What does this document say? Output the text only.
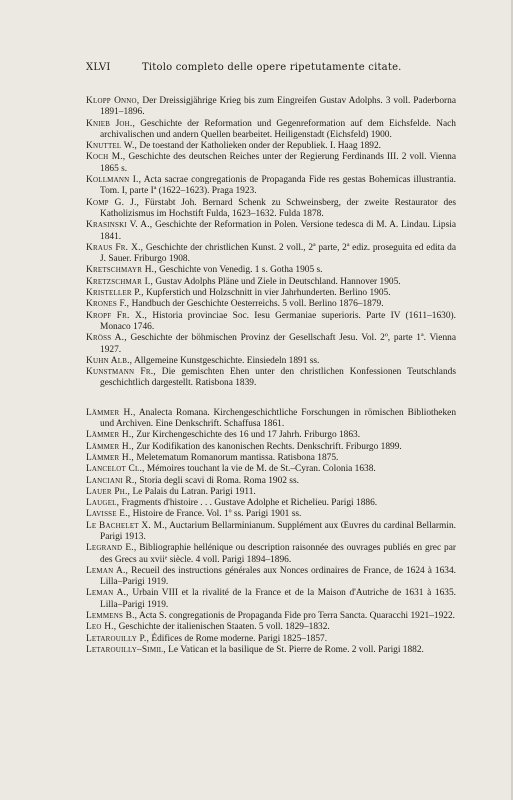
XLVI	Titolo completo delle opere ripetutamente citate.

Klopp Onno, Der Dreissigjährige Krieg bis zum Eingreifen Gustav Adolphs. 3 voll. Paderborna 1891–1896.

Knieb Joh., Geschichte der Reformation und Gegenreformation auf dem Eichsfelde. Nach archivalischen und andern Quellen bearbeitet. Heiligenstadt (Eichsfeld) 1900.

Knuttel W., De toestand der Katholieken onder der Republiek. I. Haag 1892.

Koch M., Geschichte des deutschen Reiches unter der Regierung Ferdinands III. 2 voll. Vienna 1865 s.

Kollmann I., Acta sacrae congregationis de Propaganda Fide res gestas Bohemicas illustrantia. Tom. I, parte Iª (1622–1623). Praga 1923.

Komp G. J., Fürstabt Joh. Bernard Schenk zu Schweinsberg, der zweite Restaurator des Katholizismus im Hochstift Fulda, 1623–1632. Fulda 1878.

Krasinski V. A., Geschichte der Reformation in Polen. Versione tedesca di M. A. Lindau. Lipsia 1841.

Kraus Fr. X., Geschichte der christlichen Kunst. 2 voll., 2ª parte, 2ª ediz. proseguita ed edita da J. Sauer. Friburgo 1908.

Kretschmayr H., Geschichte von Venedig. 1 s. Gotha 1905 s.

Kretzschmar I., Gustav Adolphs Pläne und Ziele in Deutschland. Hannover 1905.

Kristeller P., Kupferstich und Holzschnitt in vier Jahrhunderten. Berlino 1905.

Krones F., Handbuch der Geschichte Oesterreichs. 5 voll. Berlino 1876–1879.

Kropf Fr. X., Historia provinciae Soc. Iesu Germaniae superioris. Parte IV (1611–1630). Monaco 1746.

Kröss A., Geschichte der böhmischen Provinz der Gesellschaft Jesu. Vol. 2º, parte 1ª. Vienna 1927.

Kuhn Alb., Allgemeine Kunstgeschichte. Einsiedeln 1891 ss.

Kunstmann Fr., Die gemischten Ehen unter den christlichen Konfessionen Teutschlands geschichtlich dargestellt. Ratisbona 1839.

Lämmer H., Analecta Romana. Kirchengeschichtliche Forschungen in römischen Bibliotheken und Archiven. Eine Denkschrift. Schaffusa 1861.

Lämmer H., Zur Kirchengeschichte des 16 und 17 Jahrh. Friburgo 1863.

Lämmer H., Zur Kodifikation des kanonischen Rechts. Denkschrift. Friburgo 1899.

Lämmer H., Meletematum Romanorum mantissa. Ratisbona 1875.

Lancelot Cl., Mémoires touchant la vie de M. de St.–Cyran. Colonia 1638.

Lanciani R., Storia degli scavi di Roma. Roma 1902 ss.

Lauer Ph., Le Palais du Latran. Parigi 1911.

Laugel, Fragments d'histoire . . . Gustave Adolphe et Richelieu. Parigi 1886.

Lavisse E., Histoire de France. Vol. 1º ss. Parigi 1901 ss.

Le Bachelet X. M., Auctarium Bellarminianum. Supplément aux Œuvres du cardinal Bellarmin. Parigi 1913.

Legrand E., Bibliographie hellénique ou description raisonnée des ouvrages publiés en grec par des Grecs au xviiᵉ siècle. 4 voll. Parigi 1894–1896.

Leman A., Recueil des instructions générales aux Nonces ordinaires de France, de 1624 à 1634. Lilla–Parigi 1919.

Leman A., Urbain VIII et la rivalité de la France et de la Maison d'Autriche de 1631 à 1635. Lilla–Parigi 1919.

Lemmens B., Acta S. congregationis de Propaganda Fide pro Terra Sancta. Quaracchi 1921–1922.

Leo H., Geschichte der italienischen Staaten. 5 voll. 1829–1832.

Letarouilly P., Édifices de Rome moderne. Parigi 1825–1857.

Letarouilly–Simil, Le Vatican et la basilique de St. Pierre de Rome. 2 voll. Parigi 1882.
